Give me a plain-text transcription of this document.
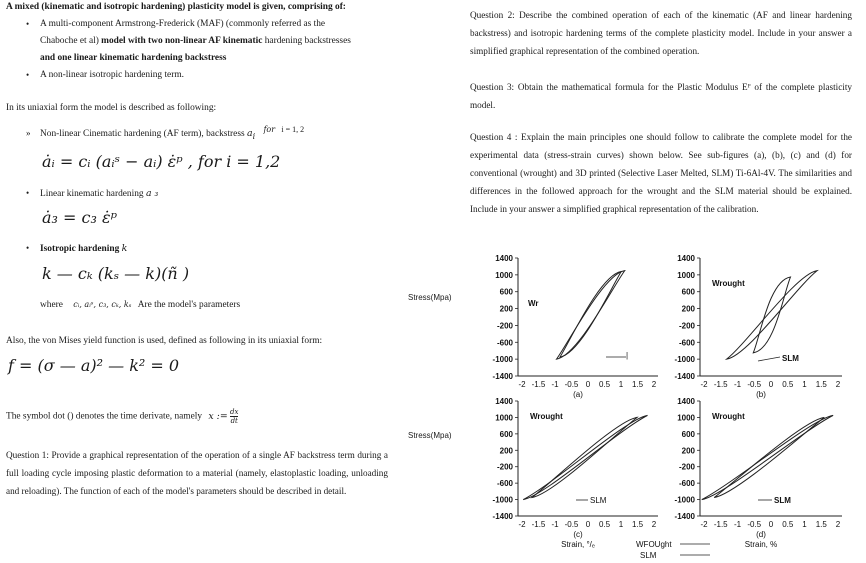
A mixed (kinematic and isotropic hardening) plasticity model is given, comprising of:
• A multi-component Armstrong-Frederick (MAF) (commonly referred as the
Chaboche et al) model with two non-linear AF kinematic hardening backstresses
and one linear kinematic hardening backstress
• A non-linear isotropic hardening term.
In its uniaxial form the model is described as following:
» Non-linear Cinematic hardening (AF term), backstress $a_i$ for i = 1, 2
ȧᵢ = cᵢ (aᵢˢ − aᵢ) ε̇ᵖ , for i = 1,2
• Linear kinematic hardening a ₃
ȧ₃ = c₃ ε̇ᵖ
• Isotropic hardening k
k — cₖ (kₛ — k)(ñ )
where cᵢ, aᵢˢ, c₃, cₖ, kₛ Are the model's parameters
Also, the von Mises yield function is used, defined as following in its uniaxial form:
f = (σ — a)² — k² = 0
The symbol dot () denotes the time derivate, namely x := $\frac{dx}{dt}$
Question 1: Provide a graphical representation of the operation of a single AF backstress term during a full loading cycle imposing plastic deformation to a material (namely, elastoplastic loading, unloading and reloading). The function of each of the model's parameters should be described in detail.
Question 2: Describe the combined operation of each of the kinematic (AF and linear hardening backstress) and isotropic hardening terms of the complete plasticity model. Include in your answer a simplified graphical representation of the combined operation.
Question 3: Obtain the mathematical formula for the Plastic Modulus Eᴾ of the complete plasticity model.
Question 4 : Explain the main principles one should follow to calibrate the complete model for the experimental data (stress-strain curves) shown below. See sub-figures (a), (b), (c) and (d) for conventional (wrought) and 3D printed (Selective Laser Melted, SLM) Ti-6Al-4V. The similarities and differences in the followed approach for the wrought and the SLM material should be explained. Include in your answer a simplified graphical representation of the calibration.
Stress(Mpa)
Stress(Mpa)
1400
1000
600
200
-200
-600
-1000
-1400
-2 -1.5 -1 -0.5 0 0.5 1 1.5 2
(a)
Wr
|
1400
1000
600
200
-200
-600
-1000
-1400
-2 -1.5 -1 -0.5 0 0.5 1 1.5 2
(b)
Wrought
SLM
1400
1000
600
200
-200
-600
-1000
-1400
-2 -1.5 -1 -0.5 0 0.5 1 1.5 2
(c)
Strain, °/ₑ
Wrought
SLM
WFOUght
SLM
1400
1000
600
200
-200
-600
-1000
-1400
-2 -1.5 -1 -0.5 0 0.5 1 1.5 2
(d)
Strain, %
Wrought
SLM
